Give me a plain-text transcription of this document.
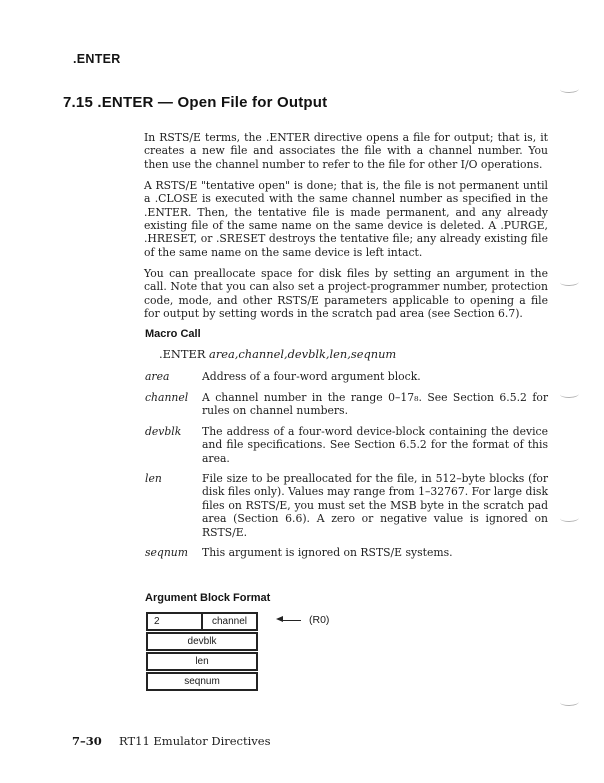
.ENTER
7.15 .ENTER — Open File for Output

In RSTS/E terms, the .ENTER directive opens a file for output; that is, it creates a new file and associates the file with a channel number. You then use the channel number to refer to the file for other I/O operations.

A RSTS/E "tentative open" is done; that is, the file is not permanent until a .CLOSE is executed with the same channel number as specified in the .ENTER. Then, the tentative file is made permanent, and any already existing file of the same name on the same device is deleted. A .PURGE, .HRESET, or .SRESET destroys the tentative file; any already existing file of the same name on the same device is left intact.

You can preallocate space for disk files by setting an argument in the call. Note that you can also set a project-programmer number, protection code, mode, and other RSTS/E parameters applicable to opening a file for output by setting words in the scratch pad area (see Section 6.7).

Macro Call
.ENTER area,channel,devblk,len,seqnum
area	Address of a four-word argument block.
channel	A channel number in the range 0–17₈. See Section 6.5.2 for rules on channel numbers.
devblk	The address of a four-word device-block containing the device and file specifications. See Section 6.5.2 for the format of this area.
len	File size to be preallocated for the file, in 512–byte blocks (for disk files only). Values may range from 1–32767. For large disk files on RSTS/E, you must set the MSB byte in the scratch pad area (Section 6.6). A zero or negative value is ignored on RSTS/E.
seqnum	This argument is ignored on RSTS/E systems.
Argument Block Format
2	channel
devblk
len
seqnum
(R0)
7–30 RT11 Emulator Directives
